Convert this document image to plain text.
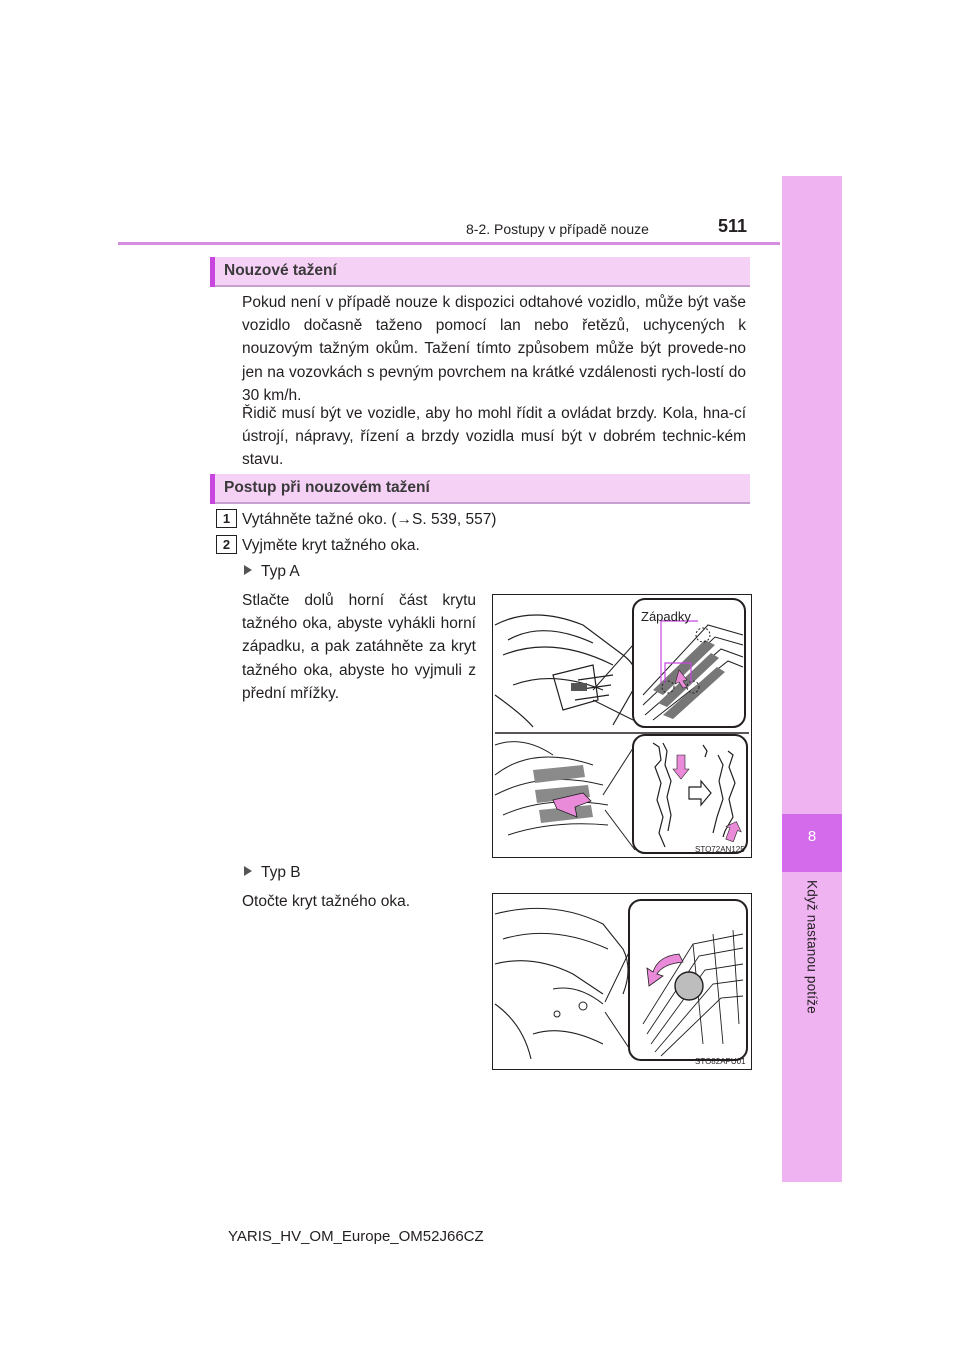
8-2. Postupy v případě nouze	511
8
Když nastanou potíže
Nouzové tažení
Pokud není v případě nouze k dispozici odtahové vozidlo, může být vaše vozidlo dočasně taženo pomocí lan nebo řetězů, uchycených k nouzovým tažným okům. Tažení tímto způsobem může být provede-no jen na vozovkách s pevným povrchem na krátké vzdálenosti rych-lostí do 30 km/h.
Řidič musí být ve vozidle, aby ho mohl řídit a ovládat brzdy. Kola, hna-cí ústrojí, nápravy, řízení a brzdy vozidla musí být v dobrém technic-kém stavu.
Postup při nouzovém tažení
1 Vytáhněte tažné oko. (→S. 539, 557)
2 Vyjměte kryt tažného oka.
Typ A
Stlačte dolů horní část krytu tažného oka, abyste vyhákli horní západku, a pak zatáhněte za kryt tažného oka, abyste ho vyjmuli z přední mřížky.
Západky
STO72AN125
Typ B
Otočte kryt tažného oka.
STO82APU01
YARIS_HV_OM_Europe_OM52J66CZ
